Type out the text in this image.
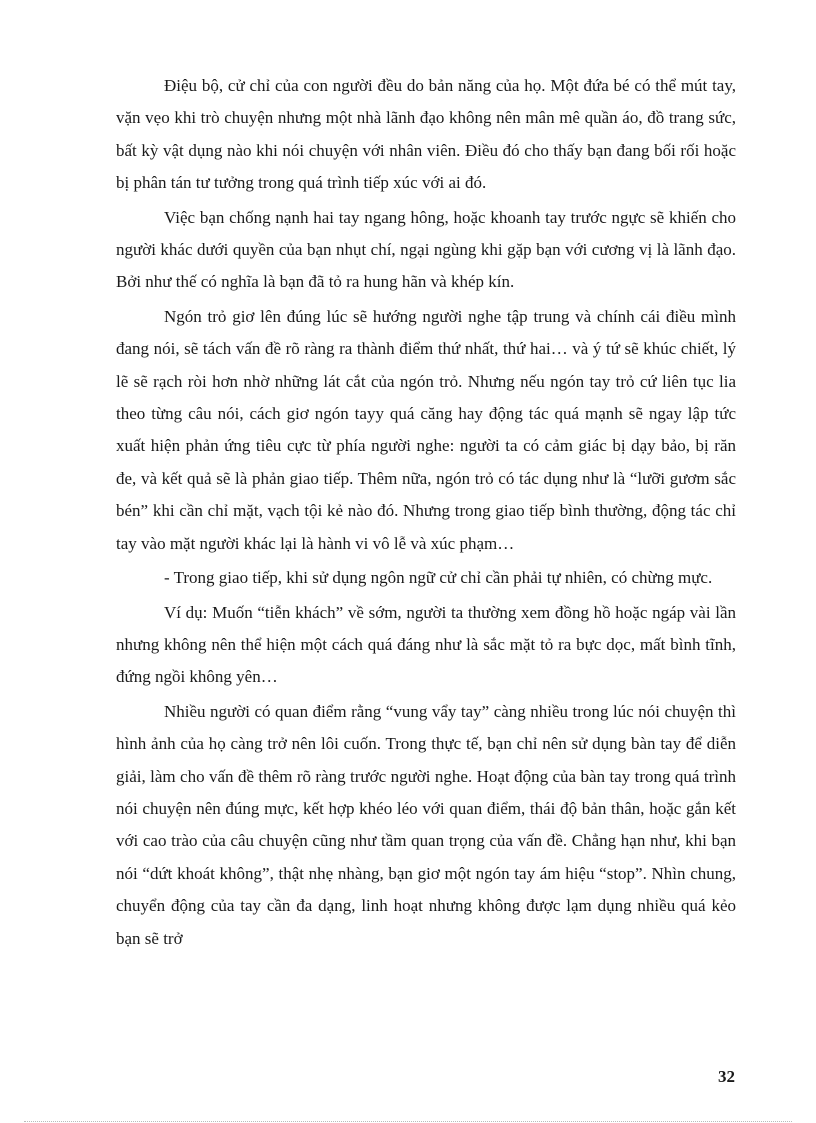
Điệu bộ, cử chỉ của con người đều do bản năng của họ. Một đứa bé có thể mút tay, vặn vẹo khi trò chuyện nhưng một nhà lãnh đạo không nên mân mê quần áo, đồ trang sức, bất kỳ vật dụng nào khi nói chuyện với nhân viên. Điều đó cho thấy bạn đang bối rối hoặc bị phân tán tư tưởng trong quá trình tiếp xúc với ai đó.

Việc bạn chống nạnh hai tay ngang hông, hoặc khoanh tay trước ngực sẽ khiến cho người khác dưới quyền của bạn nhụt chí, ngại ngùng khi gặp bạn với cương vị là lãnh đạo. Bởi như thế có nghĩa là bạn đã tỏ ra hung hãn và khép kín.

Ngón trỏ giơ lên đúng lúc sẽ hướng người nghe tập trung và chính cái điều mình đang nói, sẽ tách vấn đề rõ ràng ra thành điểm thứ nhất, thứ hai… và ý tứ sẽ khúc chiết, lý lẽ sẽ rạch ròi hơn nhờ những lát cắt của ngón trỏ. Nhưng nếu ngón tay trỏ cứ liên tục lia theo từng câu nói, cách giơ ngón tayy quá căng hay động tác quá mạnh sẽ ngay lập tức xuất hiện phản ứng tiêu cực từ phía người nghe: người ta có cảm giác bị dạy bảo, bị răn đe, và kết quả sẽ là phản giao tiếp. Thêm nữa, ngón trỏ có tác dụng như là “lưỡi gươm sắc bén” khi cần chỉ mặt, vạch tội kẻ nào đó. Nhưng trong giao tiếp bình thường, động tác chỉ tay vào mặt người khác lại là hành vi vô lễ và xúc phạm…

- Trong giao tiếp, khi sử dụng ngôn ngữ cử chỉ cần phải tự nhiên, có chừng mực.

Ví dụ: Muốn “tiễn khách” về sớm, người ta thường xem đồng hồ hoặc ngáp vài lần nhưng không nên thể hiện một cách quá đáng như là sắc mặt tỏ ra bực dọc, mất bình tĩnh, đứng ngồi không yên…

Nhiều người có quan điểm rằng “vung vẩy tay” càng nhiều trong lúc nói chuyện thì hình ảnh của họ càng trở nên lôi cuốn. Trong thực tế, bạn chỉ nên sử dụng bàn tay để diễn giải, làm cho vấn đề thêm rõ ràng trước người nghe. Hoạt động của bàn tay trong quá trình nói chuyện nên đúng mực, kết hợp khéo léo với quan điểm, thái độ bản thân, hoặc gắn kết với cao trào của câu chuyện cũng như tầm quan trọng của vấn đề. Chẳng hạn như, khi bạn nói “dứt khoát không”, thật nhẹ nhàng, bạn giơ một ngón tay ám hiệu “stop”. Nhìn chung, chuyển động của tay cần đa dạng, linh hoạt nhưng không được lạm dụng nhiều quá kẻo bạn sẽ trở

32
